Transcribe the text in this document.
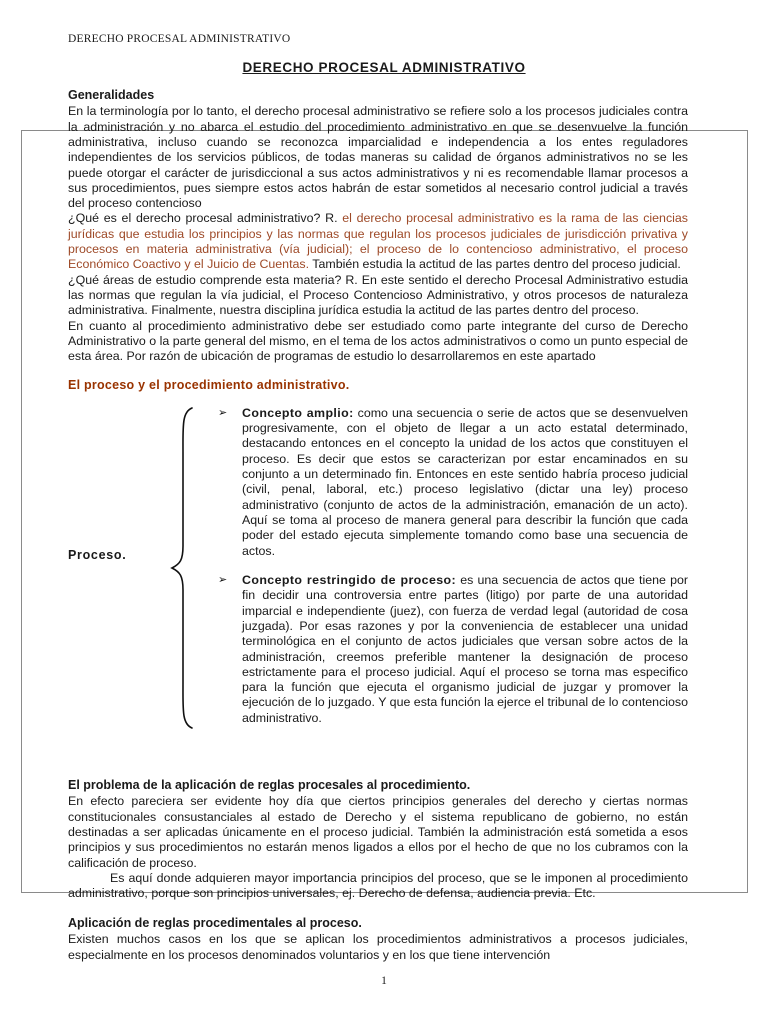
DERECHO PROCESAL ADMINISTRATIVO
DERECHO PROCESAL ADMINISTRATIVO
Generalidades

En la terminología por lo tanto, el derecho procesal administrativo se refiere solo a los procesos judiciales contra la administración y no abarca el estudio del procedimiento administrativo en que se desenvuelve la función administrativa, incluso cuando se reconozca imparcialidad e independencia a los entes reguladores independientes de los servicios públicos, de todas maneras su calidad de órganos administrativos no se les puede otorgar el carácter de jurisdiccional a sus actos administrativos y ni es recomendable llamar procesos a sus procedimientos, pues siempre estos actos habrán de estar sometidos al necesario control judicial a través del proceso contencioso

¿Qué es el derecho procesal administrativo? R. el derecho procesal administrativo es la rama de las ciencias jurídicas que estudia los principios y las normas que regulan los procesos judiciales de jurisdicción privativa y procesos en materia administrativa (vía judicial); el proceso de lo contencioso administrativo, el proceso Económico Coactivo y el Juicio de Cuentas. También estudia la actitud de las partes dentro del proceso judicial.

¿Qué áreas de estudio comprende esta materia? R. En este sentido el derecho Procesal Administrativo estudia las normas que regulan la vía judicial, el Proceso Contencioso Administrativo, y otros procesos de naturaleza administrativa. Finalmente, nuestra disciplina jurídica estudia la actitud de las partes dentro del proceso.

En cuanto al procedimiento administrativo debe ser estudiado como parte integrante del curso de Derecho Administrativo o la parte general del mismo, en el tema de los actos administrativos o como un punto especial de esta área. Por razón de ubicación de programas de estudio lo desarrollaremos en este apartado

El proceso y el procedimiento administrativo.
Proceso.
➢	Concepto amplio: como una secuencia o serie de actos que se desenvuelven progresivamente, con el objeto de llegar a un acto estatal determinado, destacando entonces en el concepto la unidad de los actos que constituyen el proceso. Es decir que estos se caracterizan por estar encaminados en su conjunto a un determinado fin. Entonces en este sentido habría proceso judicial (civil, penal, laboral, etc.) proceso legislativo (dictar una ley) proceso administrativo (conjunto de actos de la administración, emanación de un acto). Aquí se toma al proceso de manera general para describir la función que cada poder del estado ejecuta simplemente tomando como base una secuencia de actos.
➢	Concepto restringido de proceso: es una secuencia de actos que tiene por fin decidir una controversia entre partes (litigo) por parte de una autoridad imparcial e independiente (juez), con fuerza de verdad legal (autoridad de cosa juzgada). Por esas razones y por la conveniencia de establecer una unidad terminológica en el conjunto de actos judiciales que versan sobre actos de la administración, creemos preferible mantener la designación de proceso estrictamente para el proceso judicial. Aquí el proceso se torna mas especifico para la función que ejecuta el organismo judicial de juzgar y promover la ejecución de lo juzgado. Y que esta función la ejerce el tribunal de lo contencioso administrativo.
El problema de la aplicación de reglas procesales al procedimiento.

En efecto pareciera ser evidente hoy día que ciertos principios generales del derecho y ciertas normas constitucionales consustanciales al estado de Derecho y el sistema republicano de gobierno, no están destinadas a ser aplicadas únicamente en el proceso judicial. También la administración está sometida a esos principios y sus procedimientos no estarán menos ligados a ellos por el hecho de que no los cubramos con la calificación de proceso.

Es aquí donde adquieren mayor importancia principios del proceso, que se le imponen al procedimiento administrativo, porque son principios universales, ej. Derecho de defensa, audiencia previa. Etc.

Aplicación de reglas procedimentales al proceso.

Existen muchos casos en los que se aplican los procedimientos administrativos a procesos judiciales, especialmente en los procesos denominados voluntarios y en los que tiene intervención

1
